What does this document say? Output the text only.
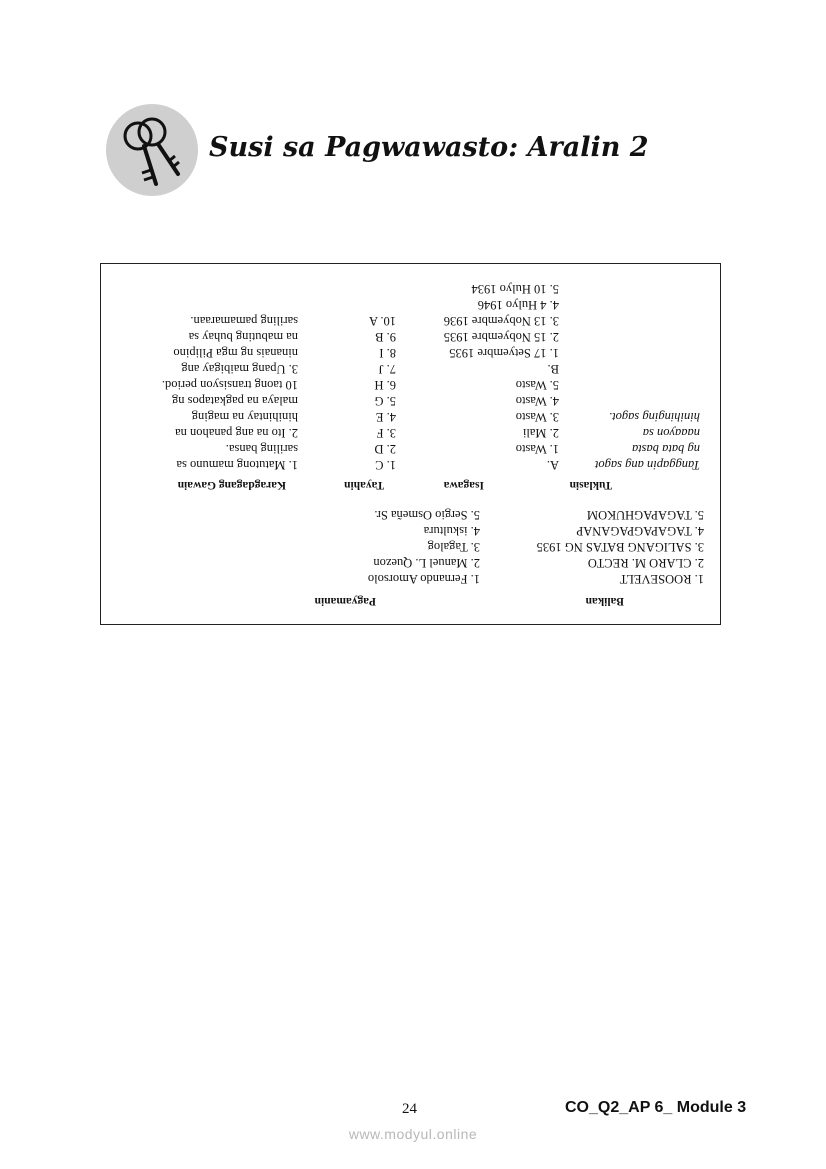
Susi sa Pagwawasto: Aralin 2
Balikan
Pagyamanin
1. ROOSEVELT
2. CLARO M. RECTO
3. SALIGANG BATAS NG 1935
4. TAGAPAGPAGANAP
5. TAGAPAGHUKOM
1. Fernando Amorsolo
2. Manuel L. Quezon
3. Tagalog
4. iskultura
5. Sergio Osmeña Sr.
Tuklasin
Isagawa
Tayahin
Karagdagang Gawain
Tanggapin ang sagot
ng bata basta
naaayon sa
hinihinging sagot.
A.
1. Wasto
2. Mali
3. Wasto
4. Wasto
5. Wasto
B.
1. 17 Setyembre 1935
2. 15 Nobyembre 1935
3. 13 Nobyembre 1936
4. 4 Hulyo 1946
5. 10 Hulyo 1934
1. C
2. D
3. F
4. E
5. G
6. H
7. J
8. I
9. B
10. A
1. Matutong mamuno sa
sariling bansa.
2. Ito na ang panahon na
hinihintay na maging
malaya na pagkatapos ng
10 taong transisyon period.
3. Upang maibigay ang
ninanais ng mga Pilipino
na mabuting buhay sa
sariling pamamaraan.
24	CO_Q2_AP 6_ Module 3
www.modyul.online
